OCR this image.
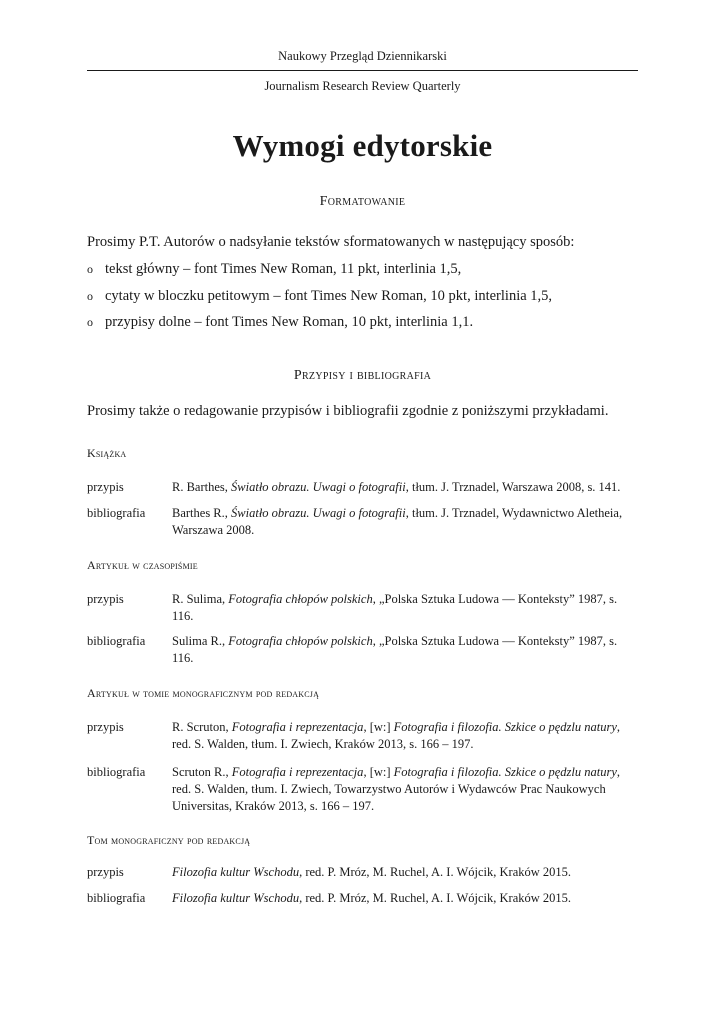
Naukowy Przegląd Dziennikarski
Journalism Research Review Quarterly
Wymogi edytorskie
Formatowanie
Prosimy P.T. Autorów o nadsyłanie tekstów sformatowanych w następujący sposób:
o tekst główny – font Times New Roman, 11 pkt, interlinia 1,5,
o cytaty w bloczku petitowym – font Times New Roman, 10 pkt, interlinia 1,5,
o przypisy dolne – font Times New Roman, 10 pkt, interlinia 1,1.
Przypisy i bibliografia
Prosimy także o redagowanie przypisów i bibliografii zgodnie z poniższymi przykładami.
Książka
przypis	R. Barthes, Światło obrazu. Uwagi o fotografii, tłum. J. Trznadel, Warszawa 2008, s. 141.
bibliografia	Barthes R., Światło obrazu. Uwagi o fotografii, tłum. J. Trznadel, Wydawnictwo Aletheia, Warszawa 2008.
Artykuł w czasopiśmie
przypis	R. Sulima, Fotografia chłopów polskich, „Polska Sztuka Ludowa — Konteksty” 1987, s. 116.
bibliografia	Sulima R., Fotografia chłopów polskich, „Polska Sztuka Ludowa — Konteksty” 1987, s. 116.
Artykuł w tomie monograficznym pod redakcją
przypis	R. Scruton, Fotografia i reprezentacja, [w:] Fotografia i filozofia. Szkice o pędzlu natury, red. S. Walden, tłum. I. Zwiech, Kraków 2013, s. 166 – 197.
bibliografia	Scruton R., Fotografia i reprezentacja, [w:] Fotografia i filozofia. Szkice o pędzlu natury, red. S. Walden, tłum. I. Zwiech, Towarzystwo Autorów i Wydawców Prac Naukowych Universitas, Kraków 2013, s. 166 – 197.
Tom monograficzny pod redakcją
przypis	Filozofia kultur Wschodu, red. P. Mróz, M. Ruchel, A. I. Wójcik, Kraków 2015.
bibliografia	Filozofia kultur Wschodu, red. P. Mróz, M. Ruchel, A. I. Wójcik, Kraków 2015.
